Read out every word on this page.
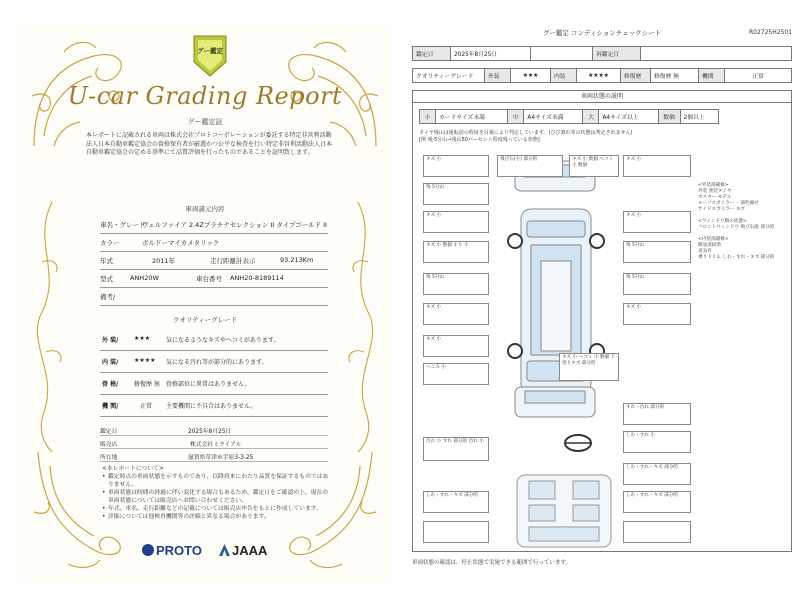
グー鑑定
U-car Grading Report
グー鑑定証
本レポートに記載される車両は株式会社プロトコーポレーションが委託する特定非営利活動法人日本自動車鑑定協会の資格保有者が厳選かつ公平な検査を行い特定非営利活動法人日本自動車鑑定協会の定める基準にて品質評価を行ったものであることを証明致します。
車両諸元内容
車名・グレード
ヴェルファイア 2.4Zプラチナセレクション II タイプゴールド II
カラー	ボルドーマイカメタリック
年式	2011年	走行距離計表示	93,213Km
型式	ANH20W	車台番号 ANH20-8189114
備考/
クオリティーグレード
外 装/	★★★	気になるようなキズやヘコミがあります。
内 装/	★★★★ 気になる汚れ等が部分的にあります。
骨 格/	修復歴 無 骨格部位に異常はありません。
機 関/	正常 主要機関に不具合はありません。
鑑定日	2025年8月25日
販売店	株式会社ミライアル
所在地	滋賀県草津市手原3-3-25
<本レポートについて>
• 鑑定時点の車両状態を示すものであり、以降将来にわたり品質を保証するものではありません。
• 車両状態は時間の経過に伴い変化する場合もあるため、鑑定日をご確認の上、現在の車両状態については販売店へお問い合わせください。
• 年式、車名、走行距離などの記載については販売店申告をもとに作成しています。
• 評価については他検査機関等の評価と異なる場合があります。
PROTO	JAAA
グー鑑定 コンディションチェックシート	R02725H2501
鑑定日	2025年8月25日		再鑑定日	
クオリティーグレード	外装	★★★	内装	★★★★	修復歴	修復歴 無	機関	正常
車両状態の説明
小	カードサイズ未満	中	A4サイズ未満	大	A4サイズ以上	数個	2個以上
タイヤ残山は運転前の程度を目視により判定しています。(ひび割れ等の状態は判定されません)
[例 残 5分山→残山50パーセント程度残っている状態]
キズ 小	飛び石(小) 部分的	キズ 小 数個 ヘコミ 小 数個
キズ 小
残 5分山
キズ 小	キズ 小
キズ 小 数個 すり 小	残 5分山
残 5分山	残 5分山
キズ 小	キズ 小
キズ 小
へこみ 小
キズ 小 ヘコミ 小 数個 下塗りキズ 部分的
すれ・汚れ 部分的
汚れ 小 すれ 部分的 汚れ 小
しわ・すれ 小
しわ・すれ・キズ 部分的
しわ・すれ・キズ 部分的	しわ・すれ・キズ 部分的
<外装部補修>
外装 塗装タイヤ
カスター モデル
ルーフスポイラー 一部色褪せ
サイドスポイラー キズ
<ウィンドウ類の状態>
フロントウィンドウ 飛び石痕 部分的
<内装部補修>
簡易清掃済
臭気有
乗りドリム しわ・すれ・キズ 部分的
車両状態の確認は、停止状態で実施できる範囲で行っています。
